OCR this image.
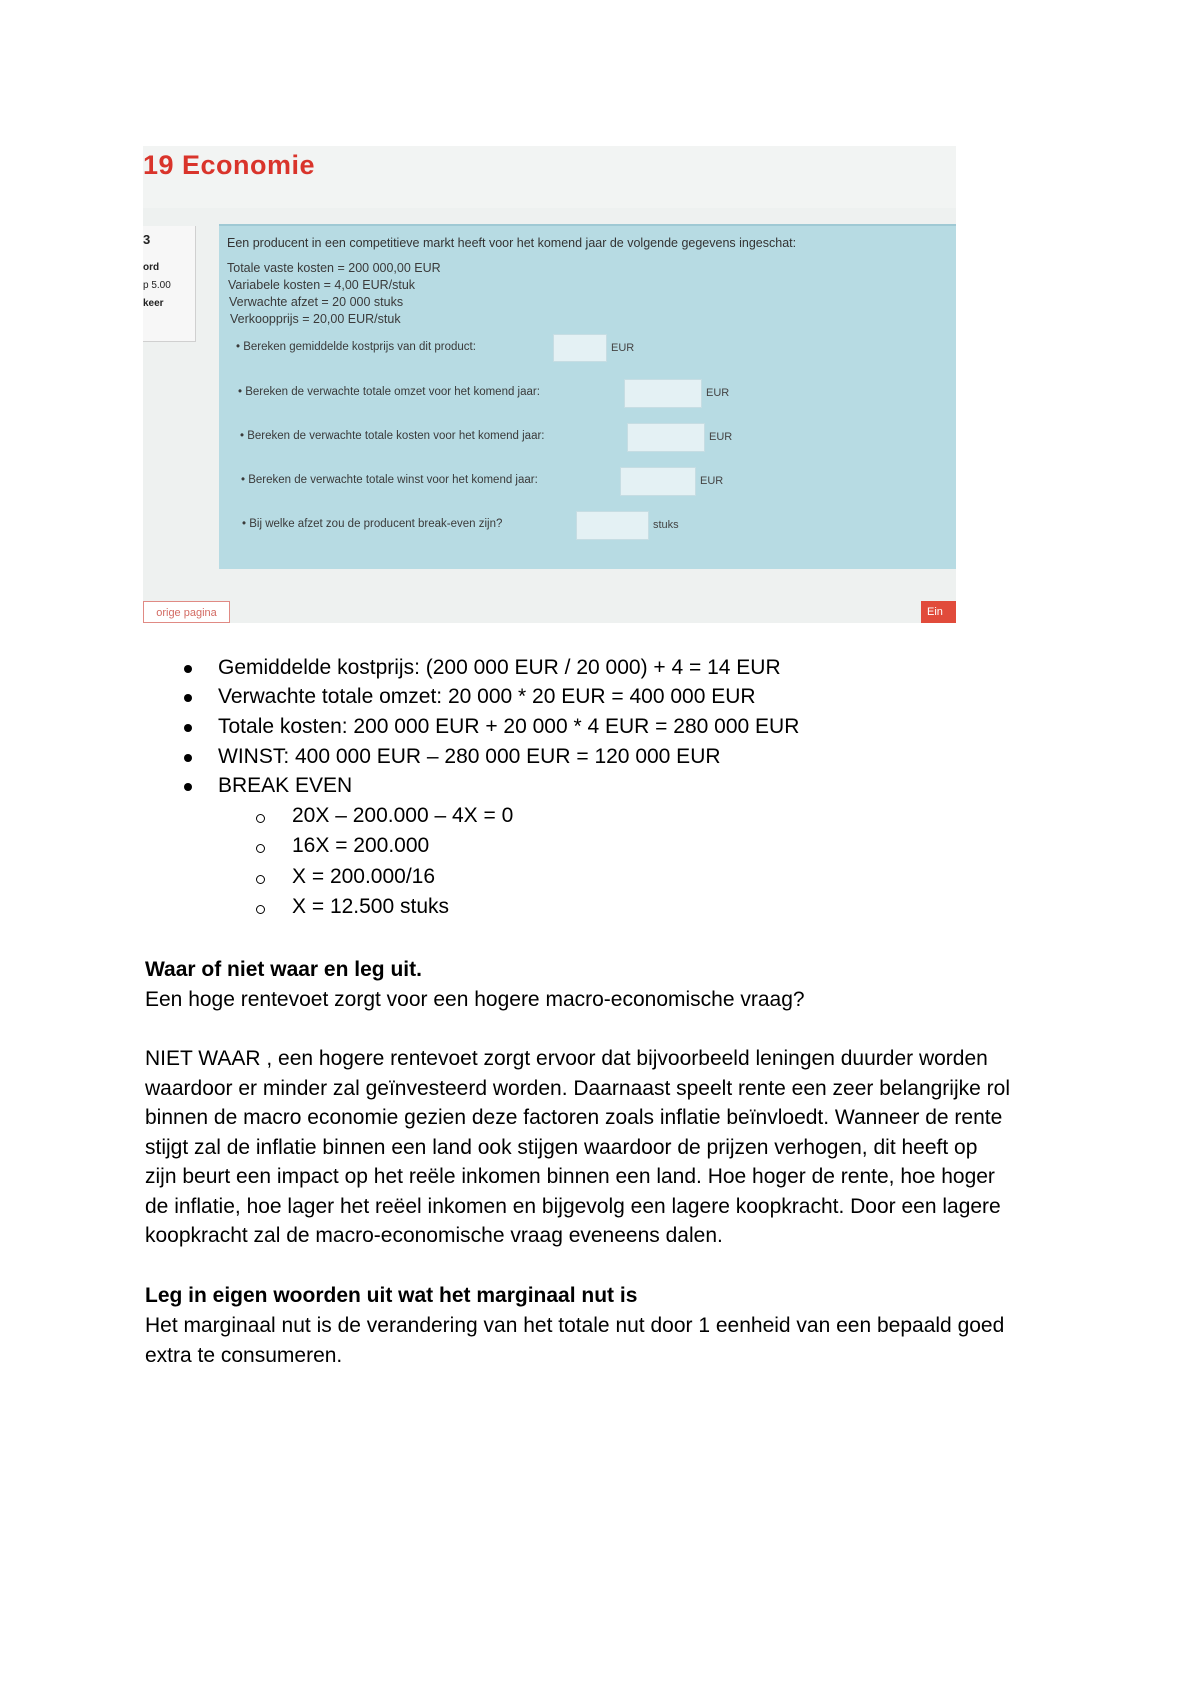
19 Economie
3
ord
p 5.00
keer
Een producent in een competitieve markt heeft voor het komend jaar de volgende gegevens ingeschat:
Totale vaste kosten = 200 000,00 EUR
Variabele kosten = 4,00 EUR/stuk
Verwachte afzet = 20 000 stuks
Verkoopprijs = 20,00 EUR/stuk
• Bereken gemiddelde kostprijs van dit product:	EUR
• Bereken de verwachte totale omzet voor het komend jaar:	EUR
• Bereken de verwachte totale kosten voor het komend jaar:	EUR
• Bereken de verwachte totale winst voor het komend jaar:	EUR
• Bij welke afzet zou de producent break-even zijn?	stuks
orige pagina	Ein
Gemiddelde kostprijs: (200 000 EUR / 20 000) + 4 = 14 EUR
Verwachte totale omzet: 20 000 * 20 EUR = 400 000 EUR
Totale kosten: 200 000 EUR + 20 000 * 4 EUR = 280 000 EUR
WINST: 400 000 EUR – 280 000 EUR = 120 000 EUR
BREAK EVEN
20X – 200.000 – 4X = 0
16X = 200.000
X = 200.000/16
X = 12.500 stuks
Waar of niet waar en leg uit.
Een hoge rentevoet zorgt voor een hogere macro-economische vraag?
NIET WAAR , een hogere rentevoet zorgt ervoor dat bijvoorbeeld leningen duurder worden
waardoor er minder zal geïnvesteerd worden. Daarnaast speelt rente een zeer belangrijke rol
binnen de macro economie gezien deze factoren zoals inflatie beïnvloedt. Wanneer de rente
stijgt zal de inflatie binnen een land ook stijgen waardoor de prijzen verhogen, dit heeft op
zijn beurt een impact op het reële inkomen binnen een land. Hoe hoger de rente, hoe hoger
de inflatie, hoe lager het reëel inkomen en bijgevolg een lagere koopkracht. Door een lagere
koopkracht zal de macro-economische vraag eveneens dalen.
Leg in eigen woorden uit wat het marginaal nut is
Het marginaal nut is de verandering van het totale nut door 1 eenheid van een bepaald goed
extra te consumeren.
